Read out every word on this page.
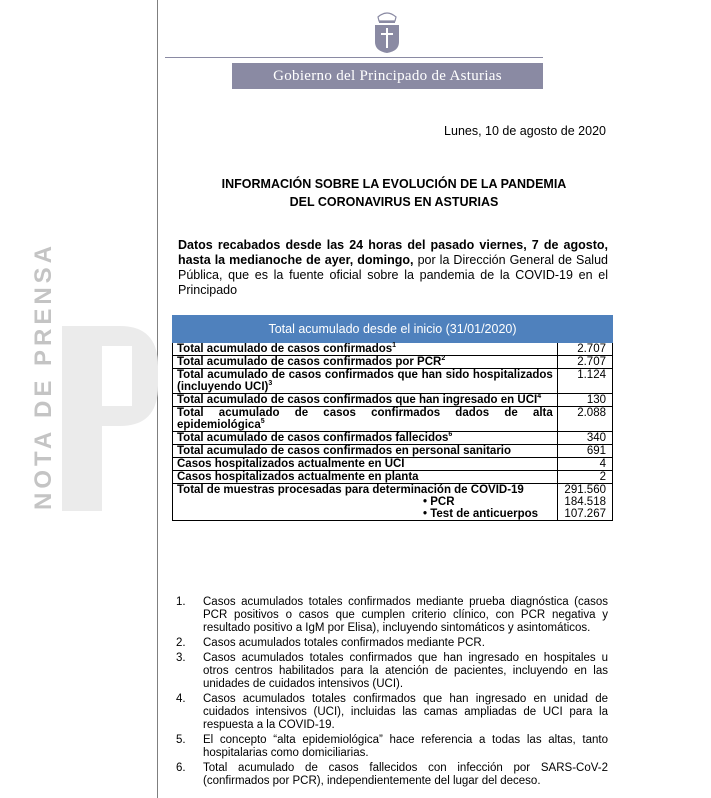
NOTA DE PRENSA
Gobierno del Principado de Asturias
Lunes, 10 de agosto de 2020
INFORMACIÓN SOBRE LA EVOLUCIÓN DE LA PANDEMIA
DEL CORONAVIRUS EN ASTURIAS
Datos recabados desde las 24 horas del pasado viernes, 7 de agosto, hasta la medianoche de ayer, domingo, por la Dirección General de Salud Pública, que es la fuente oficial sobre la pandemia de la COVID-19 en el Principado
Total acumulado desde el inicio (31/01/2020)	
Total acumulado de casos confirmados$^1$	2.707
Total acumulado de casos confirmados por PCR$^2$	2.707
Total acumulado de casos confirmados que han sido hospitalizados (incluyendo UCI)$^3$	1.124
Total acumulado de casos confirmados que han ingresado en UCI$^4$	130
Total acumulado de casos confirmados dados de alta epidemiológica$^5$	2.088
Total acumulado de casos confirmados fallecidos$^6$	340
Total acumulado de casos confirmados en personal sanitario	691
Casos hospitalizados actualmente en UCI	4
Casos hospitalizados actualmente en planta	2
Total de muestras procesadas para determinación de COVID-19	291.560
• PCR	184.518
• Test de anticuerpos	107.267
1.	Casos acumulados totales confirmados mediante prueba diagnóstica (casos PCR positivos o casos que cumplen criterio clínico, con PCR negativa y resultado positivo a IgM por Elisa), incluyendo sintomáticos y asintomáticos.
2.	Casos acumulados totales confirmados mediante PCR.
3.	Casos acumulados totales confirmados que han ingresado en hospitales u otros centros habilitados para la atención de pacientes, incluyendo en las unidades de cuidados intensivos (UCI).
4.	Casos acumulados totales confirmados que han ingresado en unidad de cuidados intensivos (UCI), incluidas las camas ampliadas de UCI para la respuesta a la COVID-19.
5.	El concepto “alta epidemiológica” hace referencia a todas las altas, tanto hospitalarias como domiciliarias.
6.	Total acumulado de casos fallecidos con infección por SARS-CoV-2 (confirmados por PCR), independientemente del lugar del deceso.
